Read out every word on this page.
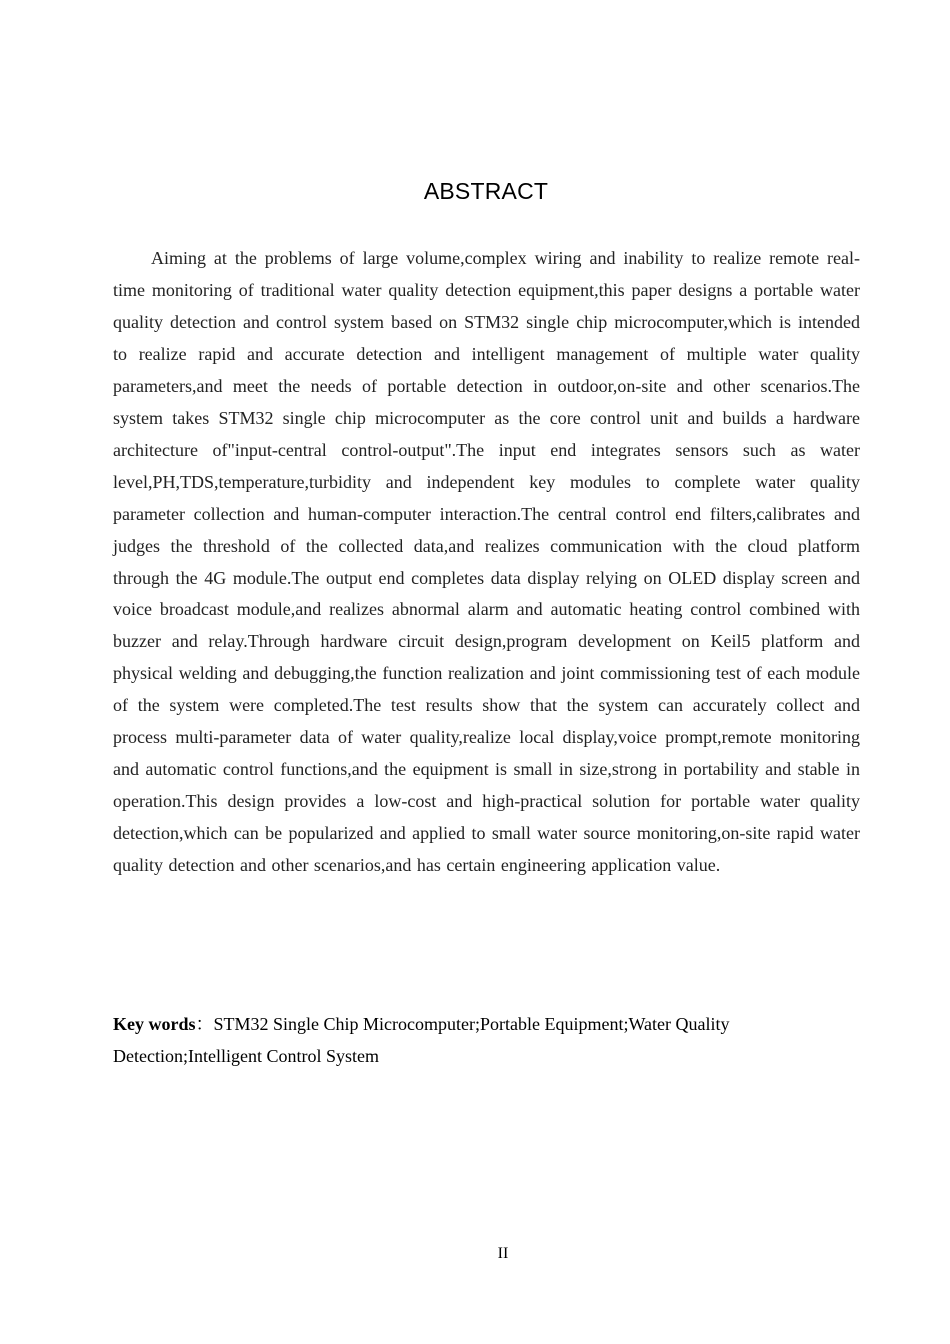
ABSTRACT

Aiming at the problems of large volume,complex wiring and inability to realize remote real-time monitoring of traditional water quality detection equipment,this paper designs a portable water quality detection and control system based on STM32 single chip microcomputer,which is intended to realize rapid and accurate detection and intelligent management of multiple water quality parameters,and meet the needs of portable detection in outdoor,on-site and other scenarios.The system takes STM32 single chip microcomputer as the core control unit and builds a hardware architecture of"input-central control-output".The input end integrates sensors such as water level,PH,TDS,temperature,turbidity and independent key modules to complete water quality parameter collection and human-computer interaction.The central control end filters,calibrates and judges the threshold of the collected data,and realizes communication with the cloud platform through the 4G module.The output end completes data display relying on OLED display screen and voice broadcast module,and realizes abnormal alarm and automatic heating control combined with buzzer and relay.Through hardware circuit design,program development on Keil5 platform and physical welding and debugging,the function realization and joint commissioning test of each module of the system were completed.The test results show that the system can accurately collect and process multi-parameter data of water quality,realize local display,voice prompt,remote monitoring and automatic control functions,and the equipment is small in size,strong in portability and stable in operation.This design provides a low-cost and high-practical solution for portable water quality detection,which can be popularized and applied to small water source monitoring,on-site rapid water quality detection and other scenarios,and has certain engineering application value.

Key words：STM32 Single Chip Microcomputer;Portable Equipment;Water Quality Detection;Intelligent Control System

II
